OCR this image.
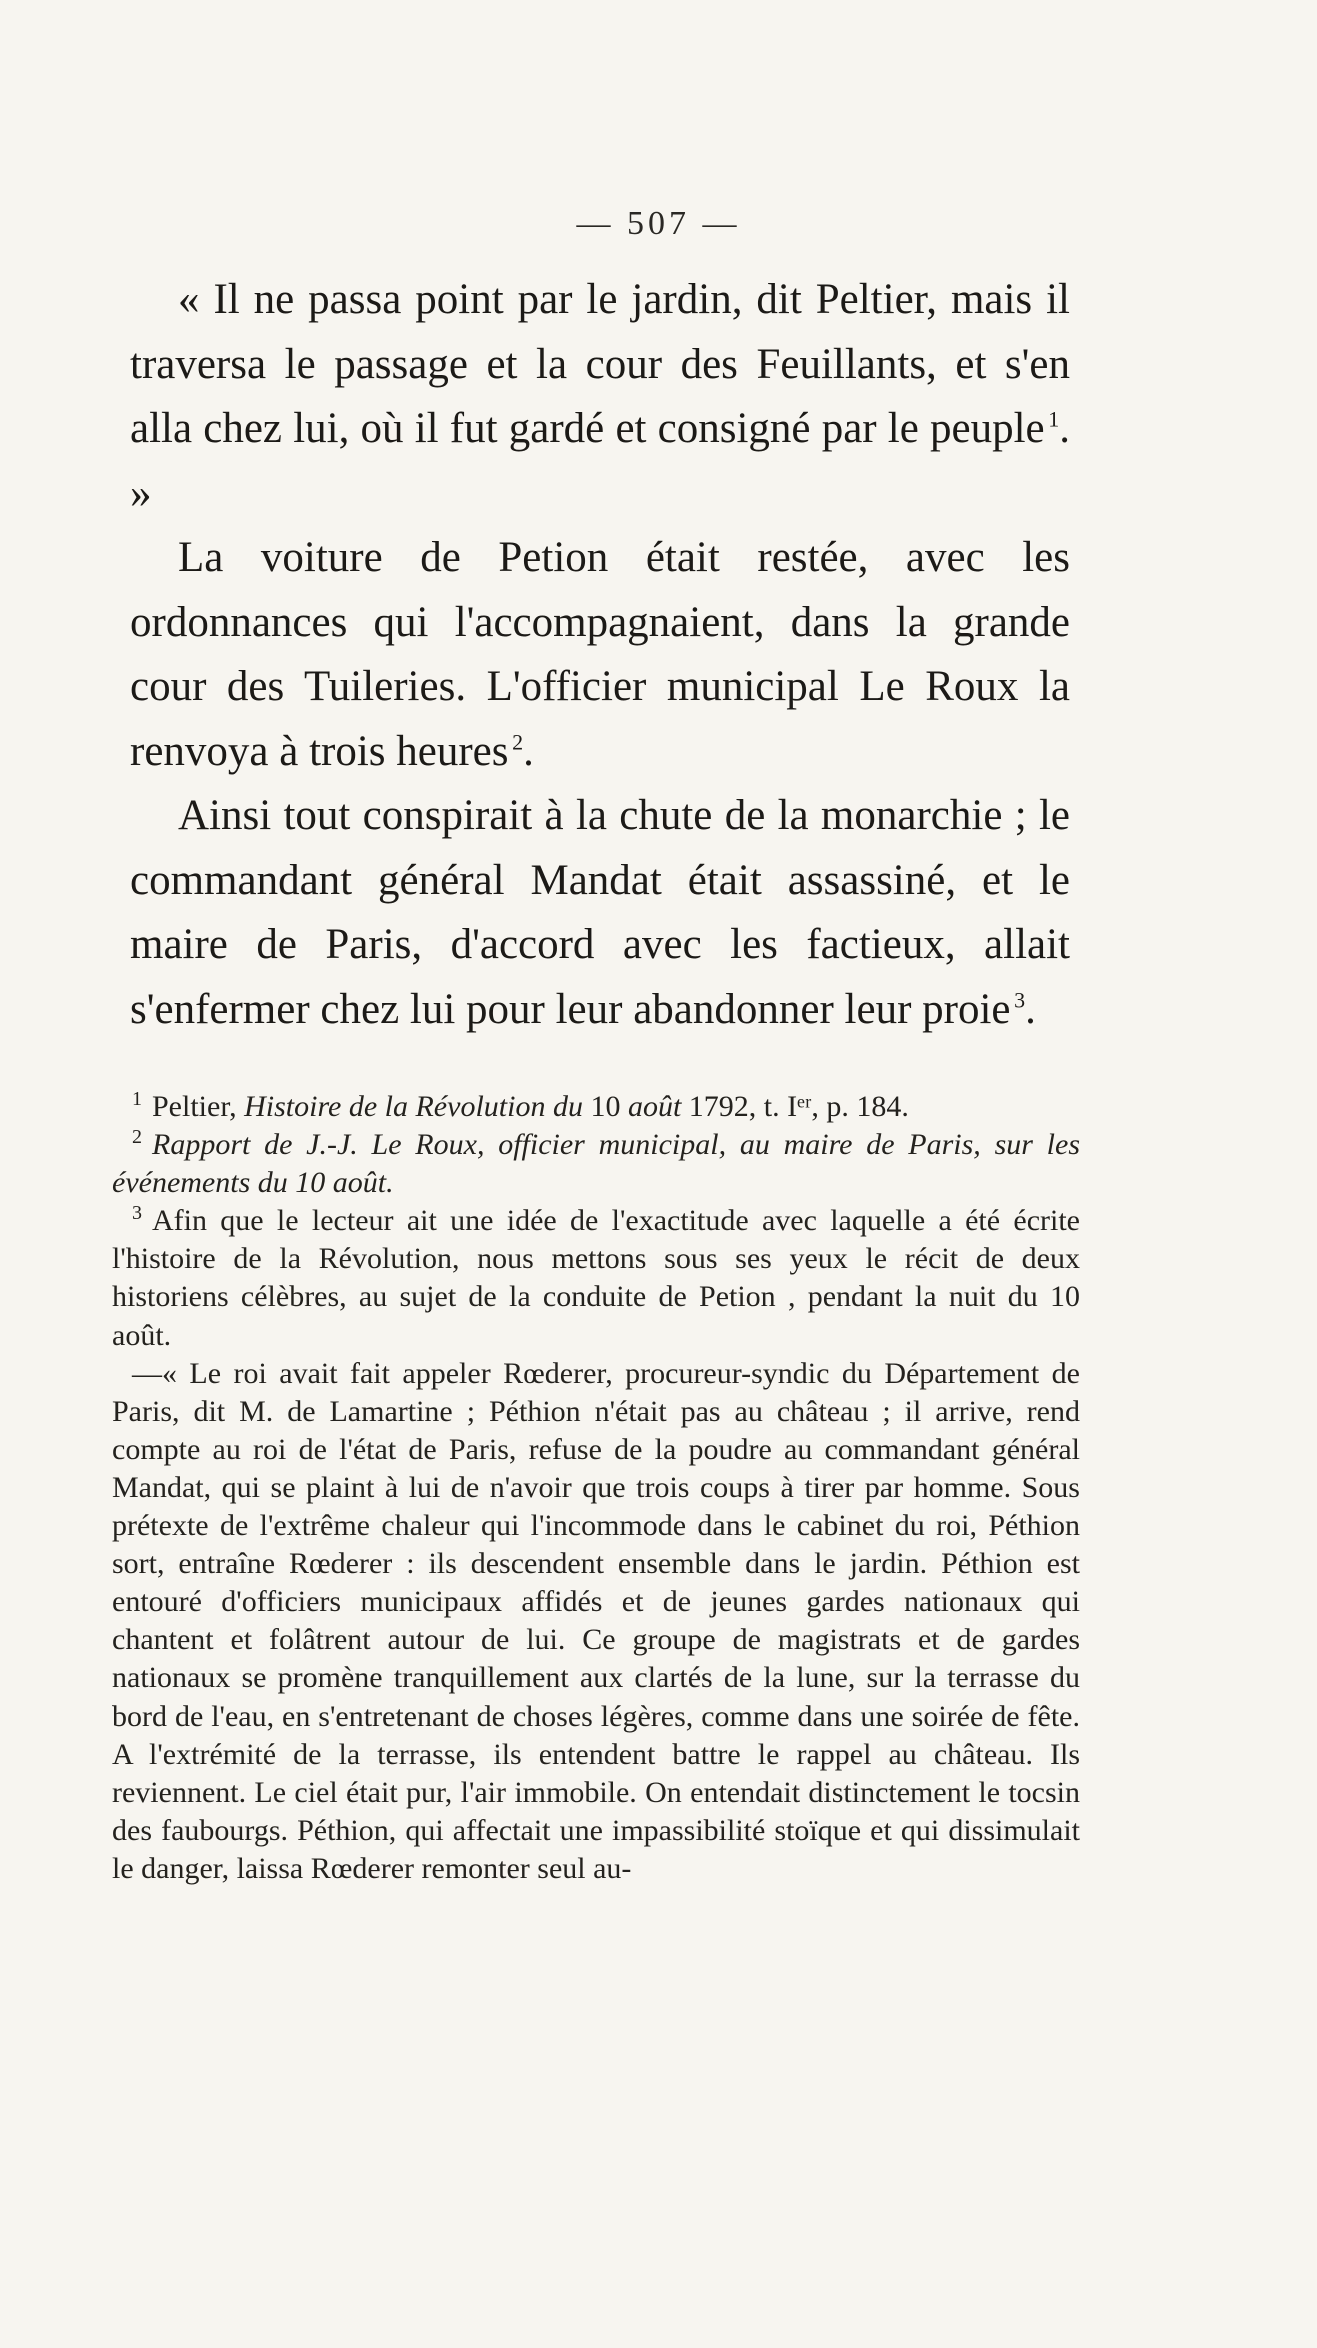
— 507 —

« Il ne passa point par le jardin, dit Peltier, mais il traversa le passage et la cour des Feuillants, et s'en alla chez lui, où il fut gardé et consigné par le peuple  $^1$. »

La voiture de Petion était restée, avec les ordonnances qui l'accompagnaient, dans la grande cour des Tuileries. L'officier municipal Le Roux la renvoya à trois heures  $^2$.

Ainsi tout conspirait à la chute de la monarchie ; le commandant général Mandat était assassiné, et le maire de Paris, d'accord avec les factieux, allait s'enfermer chez lui pour leur abandonner leur proie  $^3$.

$^1$ Peltier, Histoire de la Révolution du 10 août 1792, t. Iᵉʳ, p. 184.

$^2$ Rapport de J.-J. Le Roux, officier municipal, au maire de Paris, sur les événements du 10 août.

$^3$ Afin que le lecteur ait une idée de l'exactitude avec laquelle a été écrite l'histoire de la Révolution, nous mettons sous ses yeux le récit de deux historiens célèbres, au sujet de la conduite de Petion , pendant la nuit du 10 août.

—« Le roi avait fait appeler Rœderer, procureur-syndic du Département de Paris, dit M. de Lamartine ; Péthion n'était pas au château ; il arrive, rend compte au roi de l'état de Paris, refuse de la poudre au commandant général Mandat, qui se plaint à lui de n'avoir que trois coups à tirer par homme. Sous prétexte de l'extrême chaleur qui l'incommode dans le cabinet du roi, Péthion sort, entraîne Rœderer : ils descendent ensemble dans le jardin. Péthion est entouré d'officiers municipaux affidés et de jeunes gardes nationaux qui chantent et folâtrent autour de lui. Ce groupe de magistrats et de gardes nationaux se promène tranquillement aux clartés de la lune, sur la terrasse du bord de l'eau, en s'entretenant de choses légères, comme dans une soirée de fête. A l'extrémité de la terrasse, ils entendent battre le rappel au château. Ils reviennent. Le ciel était pur, l'air immobile. On entendait distinctement le tocsin des faubourgs. Péthion, qui affectait une impassibilité stoïque et qui dissimulait le danger, laissa Rœderer remonter seul au-
